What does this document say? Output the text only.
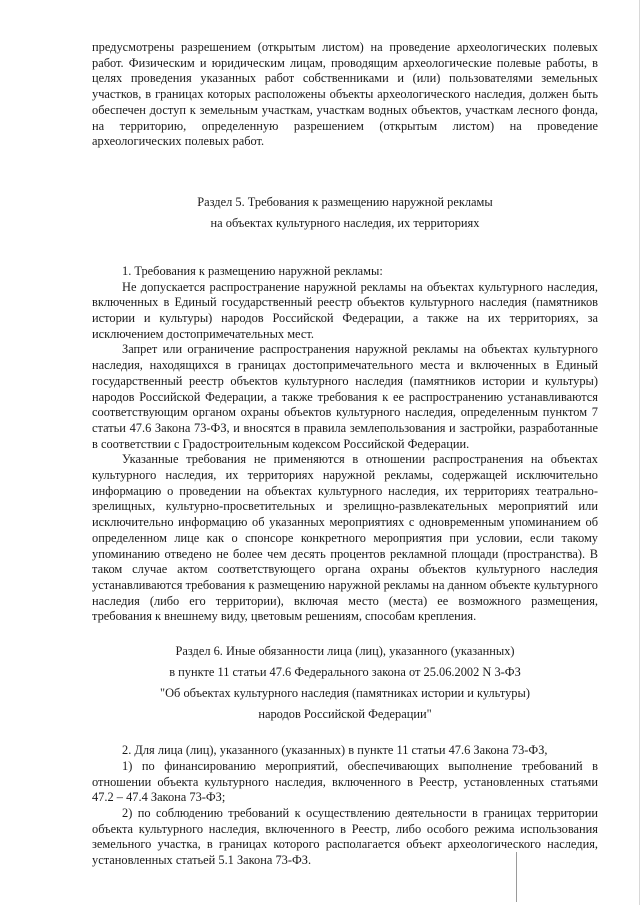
предусмотрены разрешением (открытым листом) на проведение археологических полевых работ. Физическим и юридическим лицам, проводящим археологические полевые работы, в целях проведения указанных работ собственниками и (или) пользователями земельных участков, в границах которых расположены объекты археологического наследия, должен быть обеспечен доступ к земельным участкам, участкам водных объектов, участкам лесного фонда, на территорию, определенную разрешением (открытым листом) на проведение археологических полевых работ.

Раздел 5. Требования к размещению наружной рекламы

на объектах культурного наследия, их территориях

1. Требования к размещению наружной рекламы:

Не допускается распространение наружной рекламы на объектах культурного наследия, включенных в Единый государственный реестр объектов культурного наследия (памятников истории и культуры) народов Российской Федерации, а также на их территориях, за исключением достопримечательных мест.

Запрет или ограничение распространения наружной рекламы на объектах культурного наследия, находящихся в границах достопримечательного места и включенных в Единый государственный реестр объектов культурного наследия (памятников истории и культуры) народов Российской Федерации, а также требования к ее распространению устанавливаются соответствующим органом охраны объектов культурного наследия, определенным пунктом 7 статьи 47.6 Закона 73-ФЗ, и вносятся в правила землепользования и застройки, разработанные в соответствии с Градостроительным кодексом Российской Федерации.

Указанные требования не применяются в отношении распространения на объектах культурного наследия, их территориях наружной рекламы, содержащей исключительно информацию о проведении на объектах культурного наследия, их территориях театрально-зрелищных, культурно-просветительных и зрелищно-развлекательных мероприятий или исключительно информацию об указанных мероприятиях с одновременным упоминанием об определенном лице как о спонсоре конкретного мероприятия при условии, если такому упоминанию отведено не более чем десять процентов рекламной площади (пространства). В таком случае актом соответствующего органа охраны объектов культурного наследия устанавливаются требования к размещению наружной рекламы на данном объекте культурного наследия (либо его территории), включая место (места) ее возможного размещения, требования к внешнему виду, цветовым решениям, способам крепления.

Раздел 6. Иные обязанности лица (лиц), указанного (указанных)

в пункте 11 статьи 47.6 Федерального закона от 25.06.2002 N 3-ФЗ

"Об объектах культурного наследия (памятниках истории и культуры)

народов Российской Федерации"

2. Для лица (лиц), указанного (указанных) в пункте 11 статьи 47.6 Закона 73-ФЗ,

1) по финансированию мероприятий, обеспечивающих выполнение требований в отношении объекта культурного наследия, включенного в Реестр, установленных статьями 47.2 – 47.4 Закона 73-ФЗ;

2) по соблюдению требований к осуществлению деятельности в границах территории объекта культурного наследия, включенного в Реестр, либо особого режима использования земельного участка, в границах которого располагается объект археологического наследия, установленных статьей 5.1 Закона 73-ФЗ.
